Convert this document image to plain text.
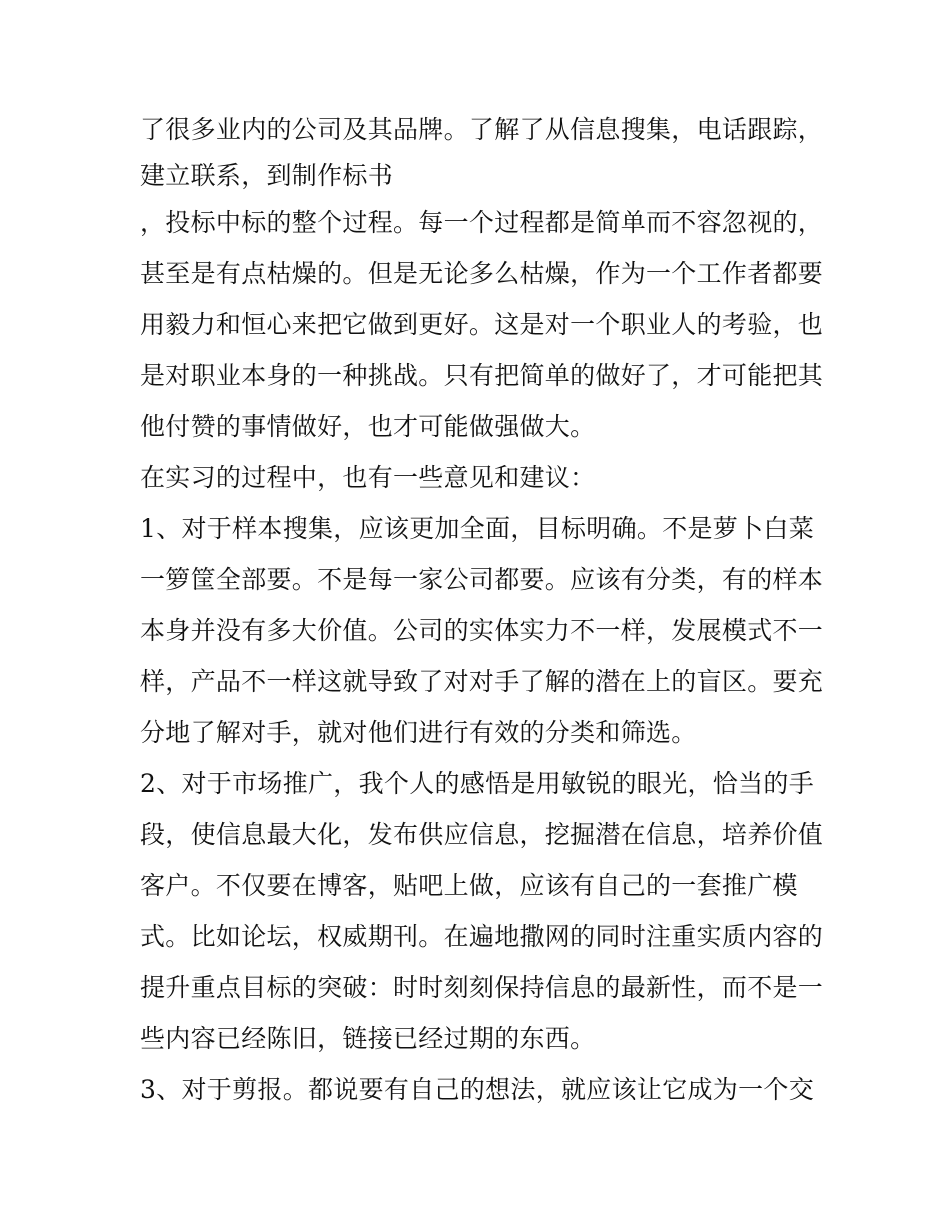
了很多业内的公司及其品牌。了解了从信息搜集，电话跟踪，
建立联系，到制作标书
，投标中标的整个过程。每一个过程都是简单而不容忽视的，
甚至是有点枯燥的。但是无论多么枯燥，作为一个工作者都要
用毅力和恒心来把它做到更好。这是对一个职业人的考验，也
是对职业本身的一种挑战。只有把简单的做好了，才可能把其
他付赞的事情做好，也才可能做强做大。
在实习的过程中，也有一些意见和建议：
1、对于样本搜集，应该更加全面，目标明确。不是萝卜白菜
一箩筐全部要。不是每一家公司都要。应该有分类，有的样本
本身并没有多大价值。公司的实体实力不一样，发展模式不一
样，产品不一样这就导致了对对手了解的潜在上的盲区。要充
分地了解对手，就对他们进行有效的分类和筛选。
2、对于市场推广，我个人的感悟是用敏锐的眼光，恰当的手
段，使信息最大化，发布供应信息，挖掘潜在信息，培养价值
客户。不仅要在博客，贴吧上做，应该有自己的一套推广模
式。比如论坛，权威期刊。在遍地撒网的同时注重实质内容的
提升重点目标的突破：时时刻刻保持信息的最新性，而不是一
些内容已经陈旧，链接已经过期的东西。
3、对于剪报。都说要有自己的想法，就应该让它成为一个交
